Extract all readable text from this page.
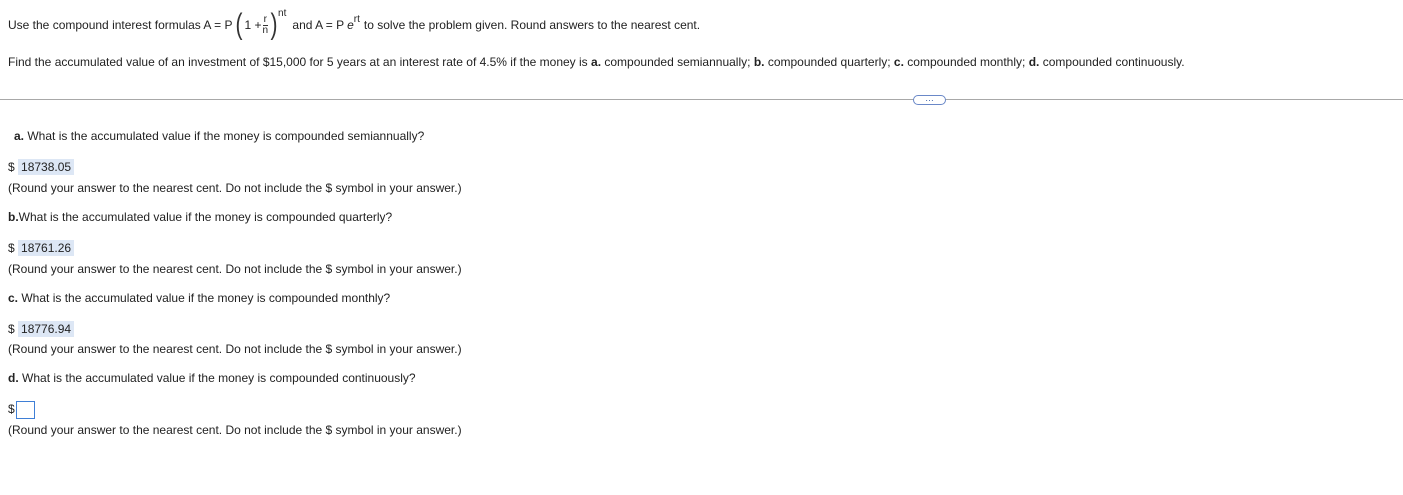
Use the compound interest formulas A = P ( $1 + \frac{r}{n}$ ) nt
and A = P e rt to solve the problem given. Round answers to the nearest cent.
Find the accumulated value of an investment of $15,000 for 5 years at an interest rate of 4.5% if the money is a. compounded semiannually; b. compounded quarterly; c. compounded monthly; d. compounded continuously.
…
a. What is the accumulated value if the money is compounded semiannually?
$ 18738.05
(Round your answer to the nearest cent. Do not include the $ symbol in your answer.)
b.What is the accumulated value if the money is compounded quarterly?
$ 18761.26
(Round your answer to the nearest cent. Do not include the $ symbol in your answer.)
c. What is the accumulated value if the money is compounded monthly?
$ 18776.94
(Round your answer to the nearest cent. Do not include the $ symbol in your answer.)
d. What is the accumulated value if the money is compounded continuously?
$
(Round your answer to the nearest cent. Do not include the $ symbol in your answer.)
